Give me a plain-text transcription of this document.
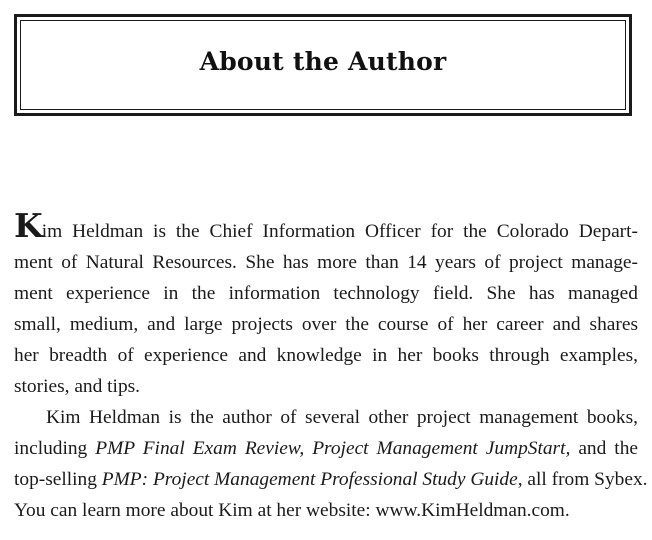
About the Author
Kim Heldman is the Chief Information Officer for the Colorado Depart-
ment of Natural Resources. She has more than 14 years of project manage-
ment experience in the information technology field. She has managed
small, medium, and large projects over the course of her career and shares
her breadth of experience and knowledge in her books through examples,
stories, and tips.
Kim Heldman is the author of several other project management books,
including PMP Final Exam Review, Project Management JumpStart, and the
top-selling PMP: Project Management Professional Study Guide, all from Sybex.
You can learn more about Kim at her website: www.KimHeldman.com.
